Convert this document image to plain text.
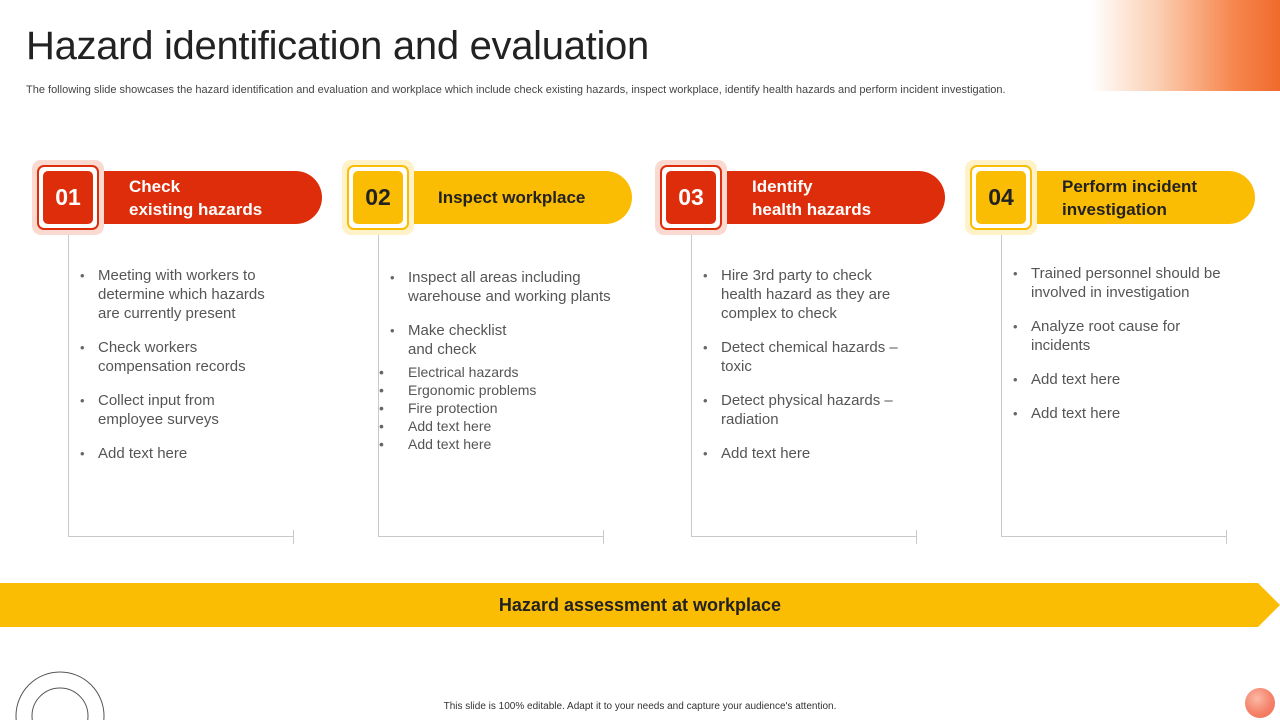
Hazard identification and evaluation
The following slide showcases the hazard identification and evaluation and workplace which include check existing hazards, inspect workplace, identify health hazards and perform incident investigation.
Check
existing hazards
01
• Meeting with workers to determine which hazards are currently present
• Check workers compensation records
• Collect input from employee surveys
• Add text here
Inspect workplace
02
• Inspect all areas including warehouse and working plants
• Make checklist and check
• Electrical hazards
• Ergonomic problems
• Fire protection
• Add text here
• Add text here
Identify
health hazards
03
• Hire 3rd party to check health hazard as they are complex to check
• Detect chemical hazards – toxic
• Detect physical hazards – radiation
• Add text here
Perform incident
investigation
04
• Trained personnel should be involved in investigation
• Analyze root cause for incidents
• Add text here
• Add text here
Hazard assessment at workplace
This slide is 100% editable. Adapt it to your needs and capture your audience's attention.
